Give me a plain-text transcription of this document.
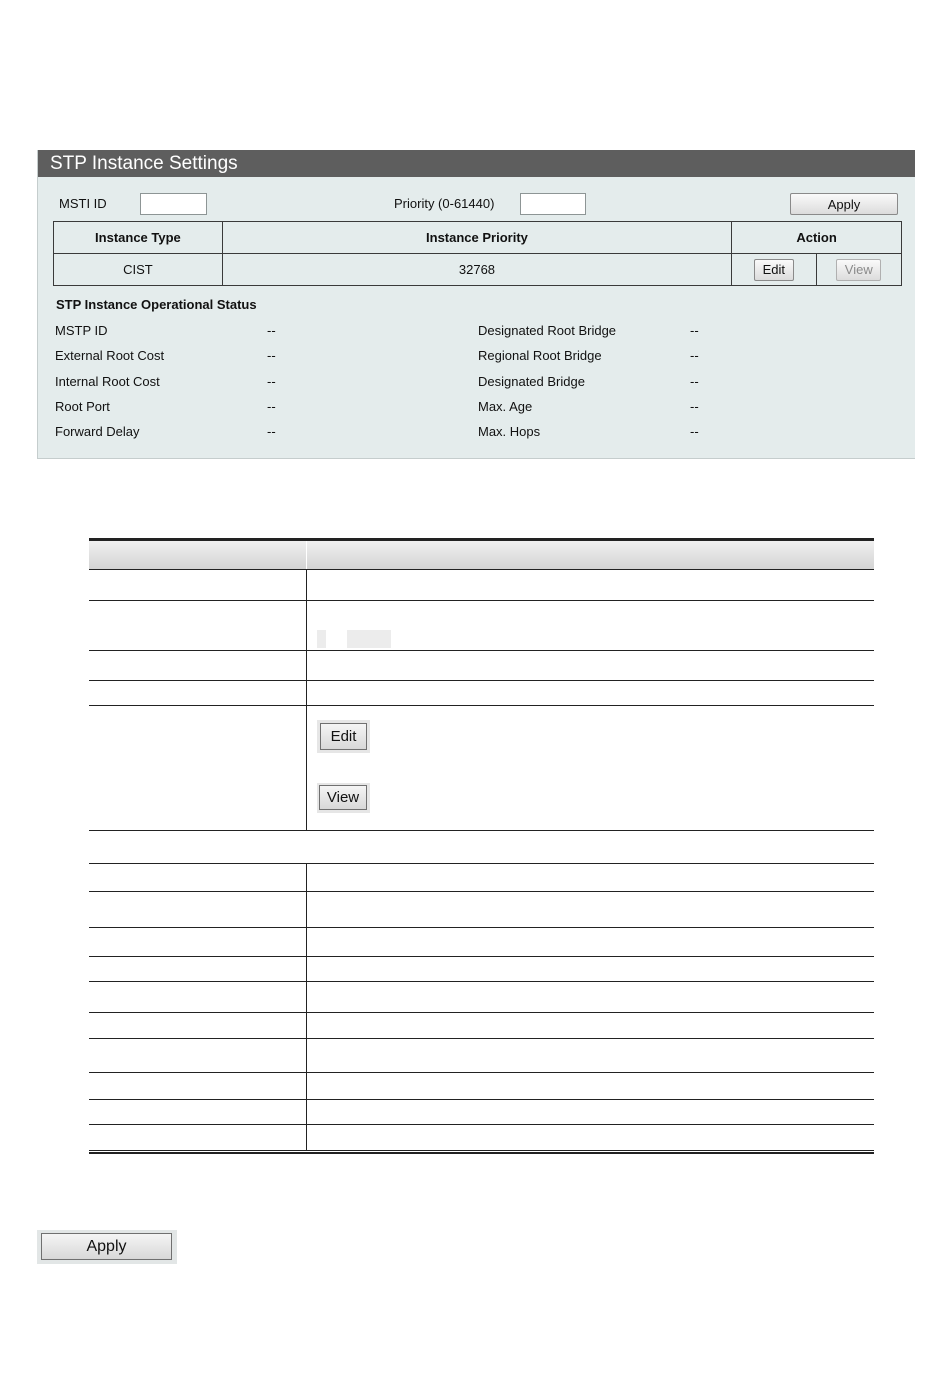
STP Instance Settings
MSTI ID	Priority (0-61440)	Apply
Instance Type	Instance Priority	Action	
CIST	32768	Edit	View
STP Instance Operational Status
MSTP ID	--
External Root Cost	--
Internal Root Cost	--
Root Port	--
Forward Delay	--
Designated Root Bridge	--
Regional Root Bridge	--
Designated Bridge	--
Max. Age	--
Max. Hops	--
Edit
View
Apply
